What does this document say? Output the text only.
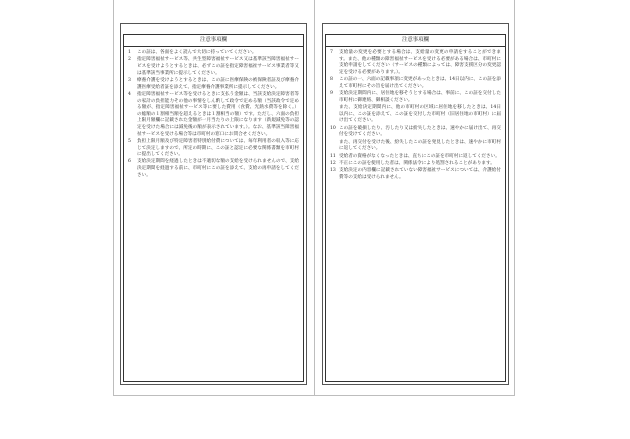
注意事項欄
1	この証は、各面をよく読んで大切に持っていてください。
2	指定障害福祉サービス等、共生型障害福祉サービス又は基準該当障害福祉サービスを受けようとするときは、必ずこの証を指定障害福祉サービス事業者等又は基準該当事業所に提示してください。
3	療養介護を受けようとするときは、この証に医療保険の被保険者証及び療養介護医療受給者証を添えて、指定療養介護事業所に提示してください。
4	指定障害福祉サービス等を受けるときに支払う金額は、当該支給決定障害者等の家計の負担能力その他の事情をしん酌して政令で定める額（当該政令で定める額が、指定障害福祉サービス等に要した費用（食費、光熱水費等を除く。）の総額の１割相当額を超えるときは１割相当の額）です。ただし、六面の負担上限月額欄に記載された金額が一月当たりの上限になります（新規減免等の認定を受けた場合には減免後の額が表示されています。）。なお、基準該当障害福祉サービスを受ける場合等は市町村の窓口にお問合せください。
5	負担上限月額及び特定障害者特別給付費については、毎年利用者の収入等に応じて決定しますので、所定の時期に、この証と認定に必要な関係書類を市町村に提出してください。
6	支給決定期間を経過したときは不適切な額の支給を受けられませんので、支給決定期間を経過する前に、市町村にこの証を添えて、支給の再申請をしてください。
注意事項欄
7	支給量の変更を必要とする場合は、支給量の変更の申請をすることができます。また、他の種類の障害福祉サービスを受ける必要がある場合は、市町村に支給申請をしてください（サービスの種類によっては、障害支援区分の変更認定を受ける必要があります。）。
8	この証の一、六面の記載事項に変更があったときは、14日以内に、この証を添えて市町村にその旨を届け出てください。
9	支給決定期間内に、居住地を移そうとする場合は、事前に、この証を交付した市町村に御連絡、御相談ください。
また、支給決定期間内に、他の市町村の区域に居住地を移したときは、14日以内に、この証を添えて、この証を交付した市町村（旧居住地の市町村）に届け出てください。
10 この証を破損したり、汚したり又は紛失したときは、速やかに届け出て、再交付を受けてください。
また、再交付を受けた後、紛失したこの証を発見したときは、速やかに市町村に返してください。
11 受給者の資格がなくなったときは、直ちにこの証を市町村に返してください。
12 不正にこの証を使用した者は、関係法令により処罰されることがあります。
13 支給決定の内容欄に記載されていない障害福祉サービスについては、介護給付費等の支給は受けられません。
